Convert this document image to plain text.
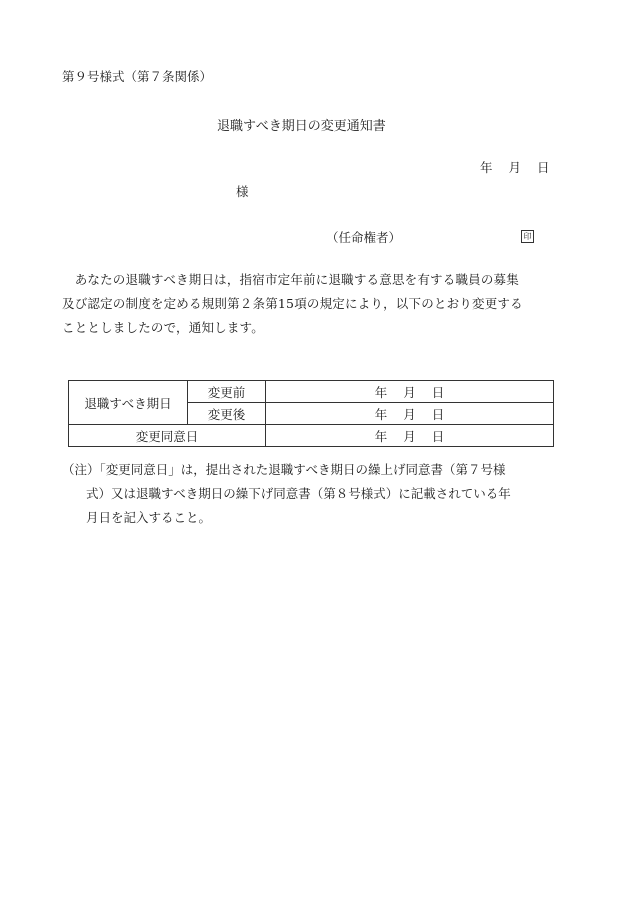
第９号様式（第７条関係）
退職すべき期日の変更通知書
年 月 日
様
（任命権者）	印
　あなたの退職すべき期日は，指宿市定年前に退職する意思を有する職員の募集
及び認定の制度を定める規則第２条第15項の規定により，以下のとおり変更する
こととしましたので，通知します。
退職すべき期日	変更前	年 月 日
	変更後	年 月 日
変更同意日		年 月 日
（注）「変更同意日」は，提出された退職すべき期日の繰上げ同意書（第７号様
式）又は退職すべき期日の繰下げ同意書（第８号様式）に記載されている年
月日を記入すること。
